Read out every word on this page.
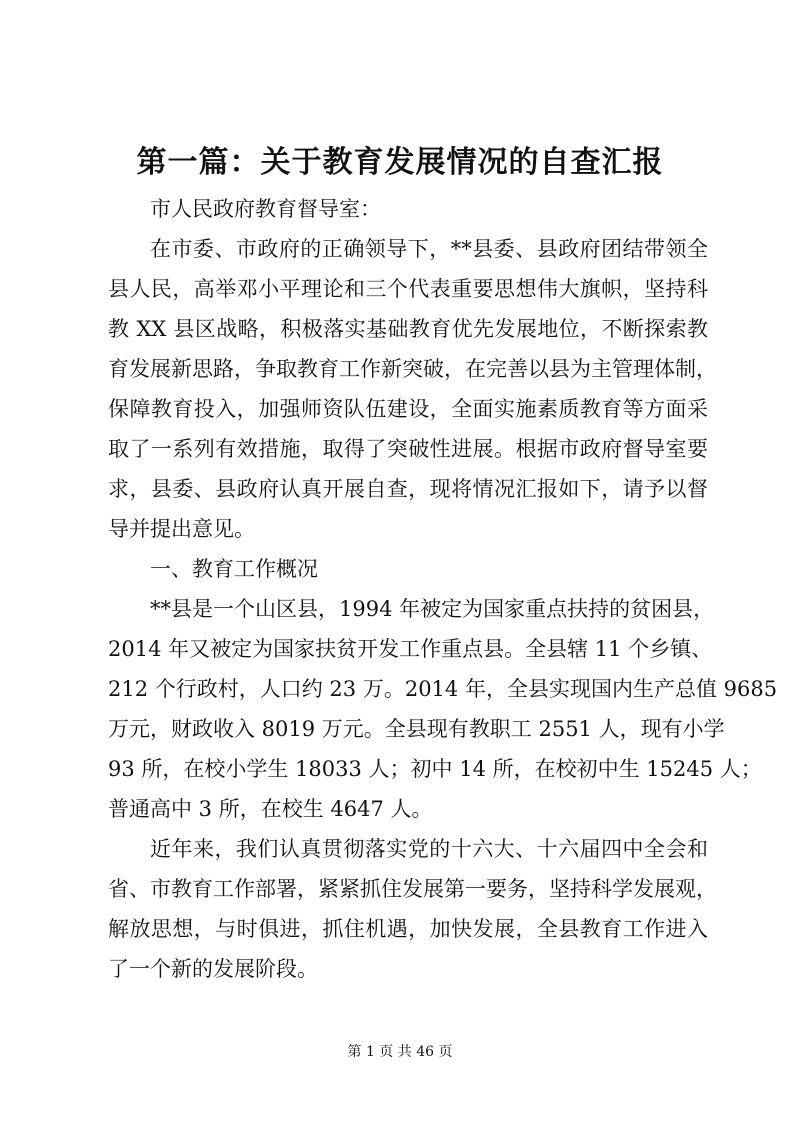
第一篇：关于教育发展情况的自查汇报

市人民政府教育督导室：

在市委、市政府的正确领导下，**县委、县政府团结带领全

县人民，高举邓小平理论和三个代表重要思想伟大旗帜，坚持科

教 XX 县区战略，积极落实基础教育优先发展地位，不断探索教

育发展新思路，争取教育工作新突破，在完善以县为主管理体制，

保障教育投入，加强师资队伍建设，全面实施素质教育等方面采

取了一系列有效措施，取得了突破性进展。根据市政府督导室要

求，县委、县政府认真开展自查，现将情况汇报如下，请予以督

导并提出意见。

一、教育工作概况

**县是一个山区县，1994 年被定为国家重点扶持的贫困县，

2014 年又被定为国家扶贫开发工作重点县。全县辖 11 个乡镇、

212 个行政村，人口约 23 万。2014 年，全县实现国内生产总值 9685

万元，财政收入 8019 万元。全县现有教职工 2551 人，现有小学

93 所，在校小学生 18033 人；初中 14 所，在校初中生 15245 人；

普通高中 3 所，在校生 4647 人。

近年来，我们认真贯彻落实党的十六大、十六届四中全会和

省、市教育工作部署，紧紧抓住发展第一要务，坚持科学发展观，

解放思想，与时俱进，抓住机遇，加快发展，全县教育工作进入

了一个新的发展阶段。

第 1 页 共 46 页
